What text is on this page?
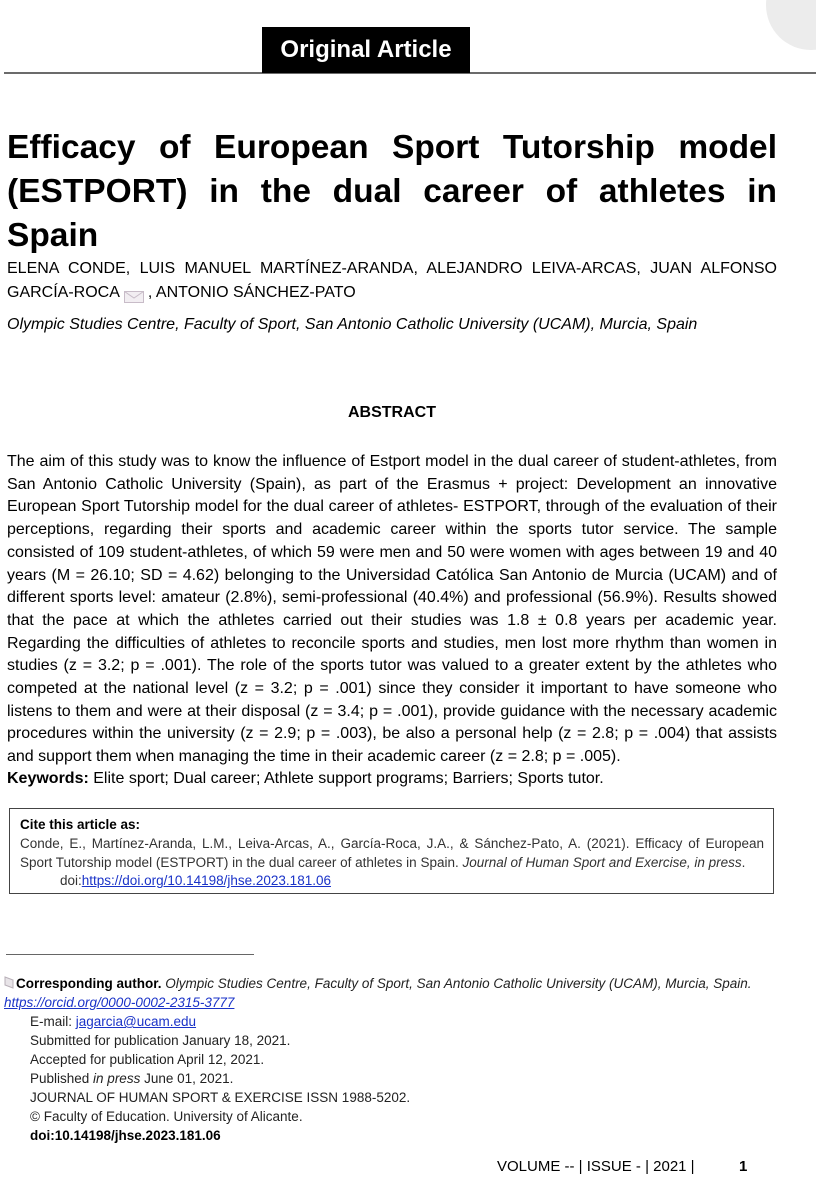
Original Article
Efficacy of European Sport Tutorship model (ESTPORT) in the dual career of athletes in Spain
ELENA CONDE, LUIS MANUEL MARTÍNEZ-ARANDA, ALEJANDRO LEIVA-ARCAS, JUAN ALFONSO GARCÍA-ROCA , ANTONIO SÁNCHEZ-PATO
Olympic Studies Centre, Faculty of Sport, San Antonio Catholic University (UCAM), Murcia, Spain
ABSTRACT
The aim of this study was to know the influence of Estport model in the dual career of student-athletes, from San Antonio Catholic University (Spain), as part of the Erasmus + project: Development an innovative European Sport Tutorship model for the dual career of athletes- ESTPORT, through of the evaluation of their perceptions, regarding their sports and academic career within the sports tutor service. The sample consisted of 109 student-athletes, of which 59 were men and 50 were women with ages between 19 and 40 years (M = 26.10; SD = 4.62) belonging to the Universidad Católica San Antonio de Murcia (UCAM) and of different sports level: amateur (2.8%), semi-professional (40.4%) and professional (56.9%). Results showed that the pace at which the athletes carried out their studies was 1.8 ± 0.8 years per academic year. Regarding the difficulties of athletes to reconcile sports and studies, men lost more rhythm than women in studies (z = 3.2; p = .001). The role of the sports tutor was valued to a greater extent by the athletes who competed at the national level (z = 3.2; p = .001) since they consider it important to have someone who listens to them and were at their disposal (z = 3.4; p = .001), provide guidance with the necessary academic procedures within the university (z = 2.9; p = .003), be also a personal help (z = 2.8; p = .004) that assists and support them when managing the time in their academic career (z = 2.8; p = .005).
Keywords: Elite sport; Dual career; Athlete support programs; Barriers; Sports tutor.
Cite this article as:
Conde, E., Martínez-Aranda, L.M., Leiva-Arcas, A., García-Roca, J.A., & Sánchez-Pato, A. (2021). Efficacy of European Sport Tutorship model (ESTPORT) in the dual career of athletes in Spain. Journal of Human Sport and Exercise, in press.
doi:https://doi.org/10.14198/jhse.2023.181.06
Corresponding author. Olympic Studies Centre, Faculty of Sport, San Antonio Catholic University (UCAM), Murcia, Spain.
https://orcid.org/0000-0002-2315-3777
E-mail: jagarcia@ucam.edu
Submitted for publication January 18, 2021.
Accepted for publication April 12, 2021.
Published in press June 01, 2021.
JOURNAL OF HUMAN SPORT & EXERCISE ISSN 1988-5202.
© Faculty of Education. University of Alicante.
doi:10.14198/jhse.2023.181.06
VOLUME -- | ISSUE - | 2021 |	1
